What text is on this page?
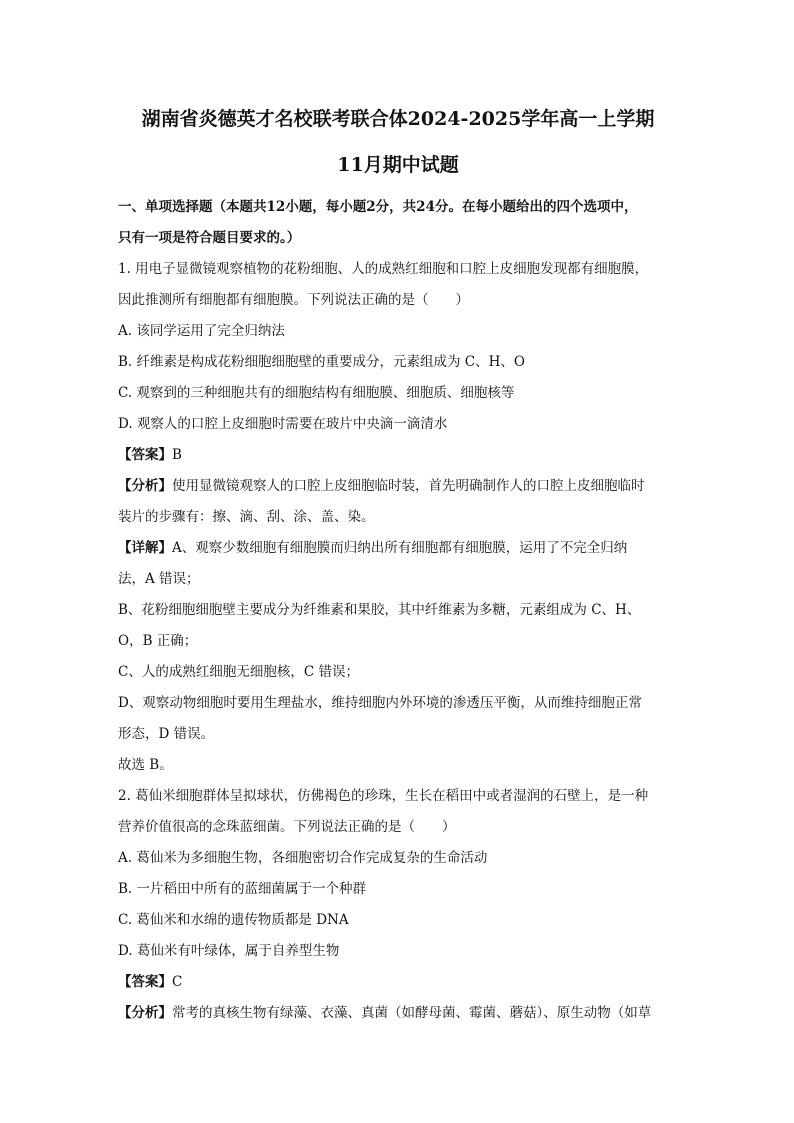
湖南省炎德英才名校联考联合体2024-2025学年高一上学期
11月期中试题
一、单项选择题（本题共12小题，每小题2分，共24分。在每小题给出的四个选项中，
只有一项是符合题目要求的。）

1. 用电子显微镜观察植物的花粉细胞、人的成熟红细胞和口腔上皮细胞发现都有细胞膜，

因此推测所有细胞都有细胞膜。下列说法正确的是（　　）

A. 该同学运用了完全归纳法

B. 纤维素是构成花粉细胞细胞壁的重要成分，元素组成为 C、H、O

C. 观察到的三种细胞共有的细胞结构有细胞膜、细胞质、细胞核等

D. 观察人的口腔上皮细胞时需要在玻片中央滴一滴清水

【答案】B

【分析】使用显微镜观察人的口腔上皮细胞临时装，首先明确制作人的口腔上皮细胞临时

装片的步骤有：擦、滴、刮、涂、盖、染。

【详解】A、观察少数细胞有细胞膜而归纳出所有细胞都有细胞膜，运用了不完全归纳

法，A 错误；

B、花粉细胞细胞壁主要成分为纤维素和果胶，其中纤维素为多糖，元素组成为 C、H、

O，B 正确；

C、人的成熟红细胞无细胞核，C 错误；

D、观察动物细胞时要用生理盐水，维持细胞内外环境的渗透压平衡，从而维持细胞正常

形态，D 错误。

故选 B。

2. 葛仙米细胞群体呈拟球状，仿佛褐色的珍珠，生长在稻田中或者湿润的石壁上，是一种

营养价值很高的念珠蓝细菌。下列说法正确的是（　　）

A. 葛仙米为多细胞生物，各细胞密切合作完成复杂的生命活动

B. 一片稻田中所有的蓝细菌属于一个种群

C. 葛仙米和水绵的遗传物质都是 DNA

D. 葛仙米有叶绿体，属于自养型生物

【答案】C

【分析】常考的真核生物有绿藻、衣藻、真菌（如酵母菌、霉菌、蘑菇）、原生动物（如草
